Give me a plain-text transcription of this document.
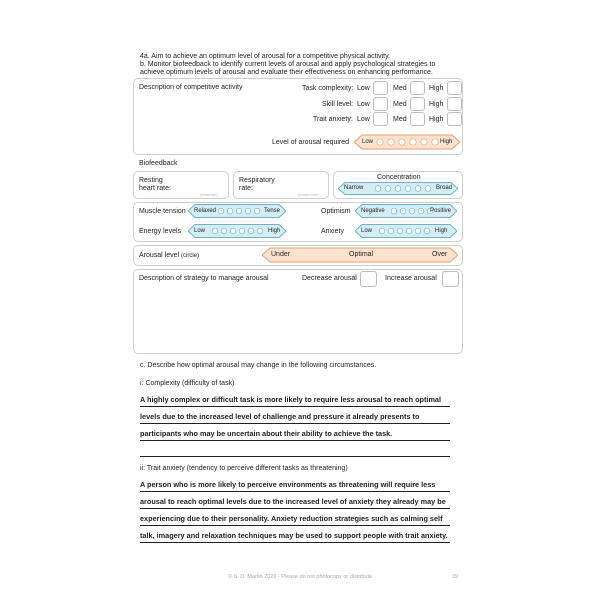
4a. Aim to achieve an optimum level of arousal for a competitive physical activity.
b. Monitor biofeedback to identify current levels of arousal and apply psychological strategies to
achieve optimum levels of arousal and evaluate their effectiveness on enhancing performance.
Description of competitive activity	Task complexity: Low	Med	High
Skill level: Low	Med	High
Trait anxiety: Low	Med	High
Level of arousal required Low	High
Biofeedback
Resting
heart rate:
(beats/min)
Respiratory
rate:
(breaths/min)
Concentration
Narrow	Broad
Muscle tension Relaxed	Tense	Optimism Negative	Positive
Energy levels Low	High	Anxiety	Low	High
Arousal level (circle)	Under	Optimal	Over
Description of strategy to manage arousal	Decrease arousal	Increase arousal
c. Describe how optimal arousal may change in the following circumstances.
i: Complexity (difficulty of task)
A highly complex or difficult task is more likely to require less arousal to reach optimal
levels due to the increased level of challenge and pressure it already presents to
participants who may be uncertain about their ability to achieve the task.
ii: Trait anxiety (tendency to perceive different tasks as threatening)
A person who is more likely to perceive environments as threatening will require less
arousal to reach optimal levels due to the increased level of anxiety they already may be
experiencing due to their personality. Anxiety reduction strategies such as calming self
talk, imagery and relaxation techniques may be used to support people with trait anxiety.
© S. D. Martin 2026 - Please do not photocopy or distribute	39
